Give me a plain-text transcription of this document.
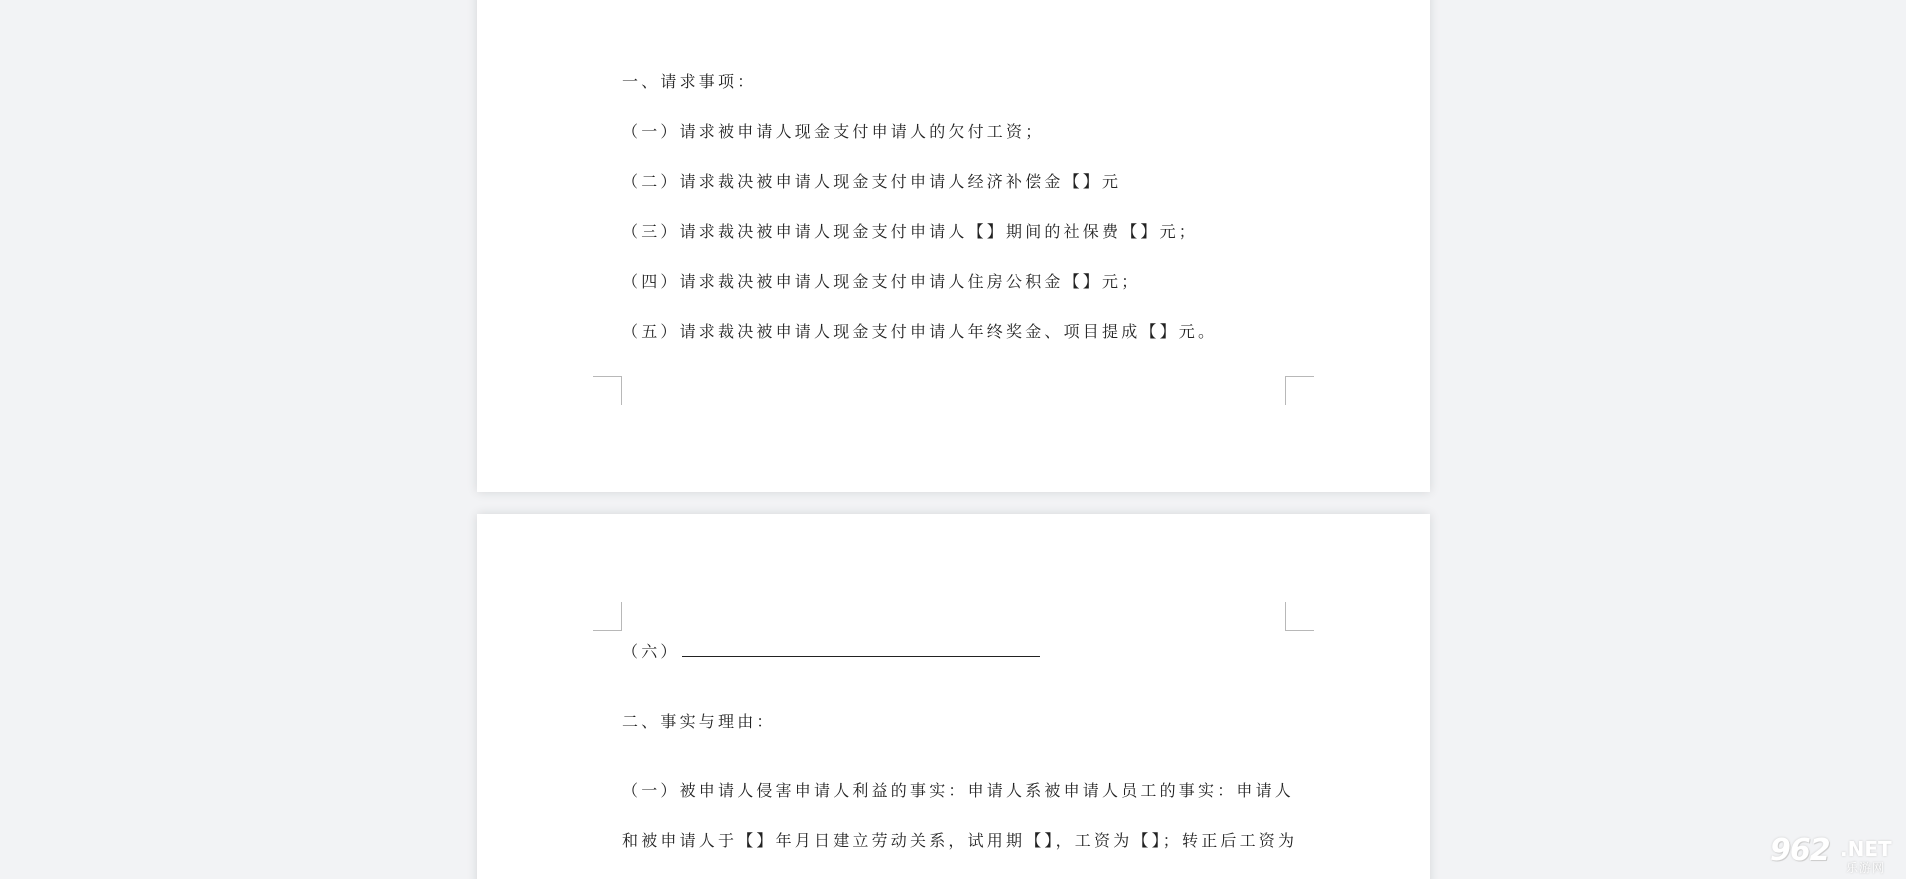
一、请求事项：
（一）请求被申请人现金支付申请人的欠付工资；
（二）请求裁决被申请人现金支付申请人经济补偿金【】元
（三）请求裁决被申请人现金支付申请人【】期间的社保费【】元；
（四）请求裁决被申请人现金支付申请人住房公积金【】元；
（五）请求裁决被申请人现金支付申请人年终奖金、项目提成【】元。
（六）
二、事实与理由：
（一）被申请人侵害申请人利益的事实：申请人系被申请人员工的事实：申请人
和被申请人于【】年月日建立劳动关系，试用期【】，工资为【】；转正后工资为	962 .NET
乐游网
